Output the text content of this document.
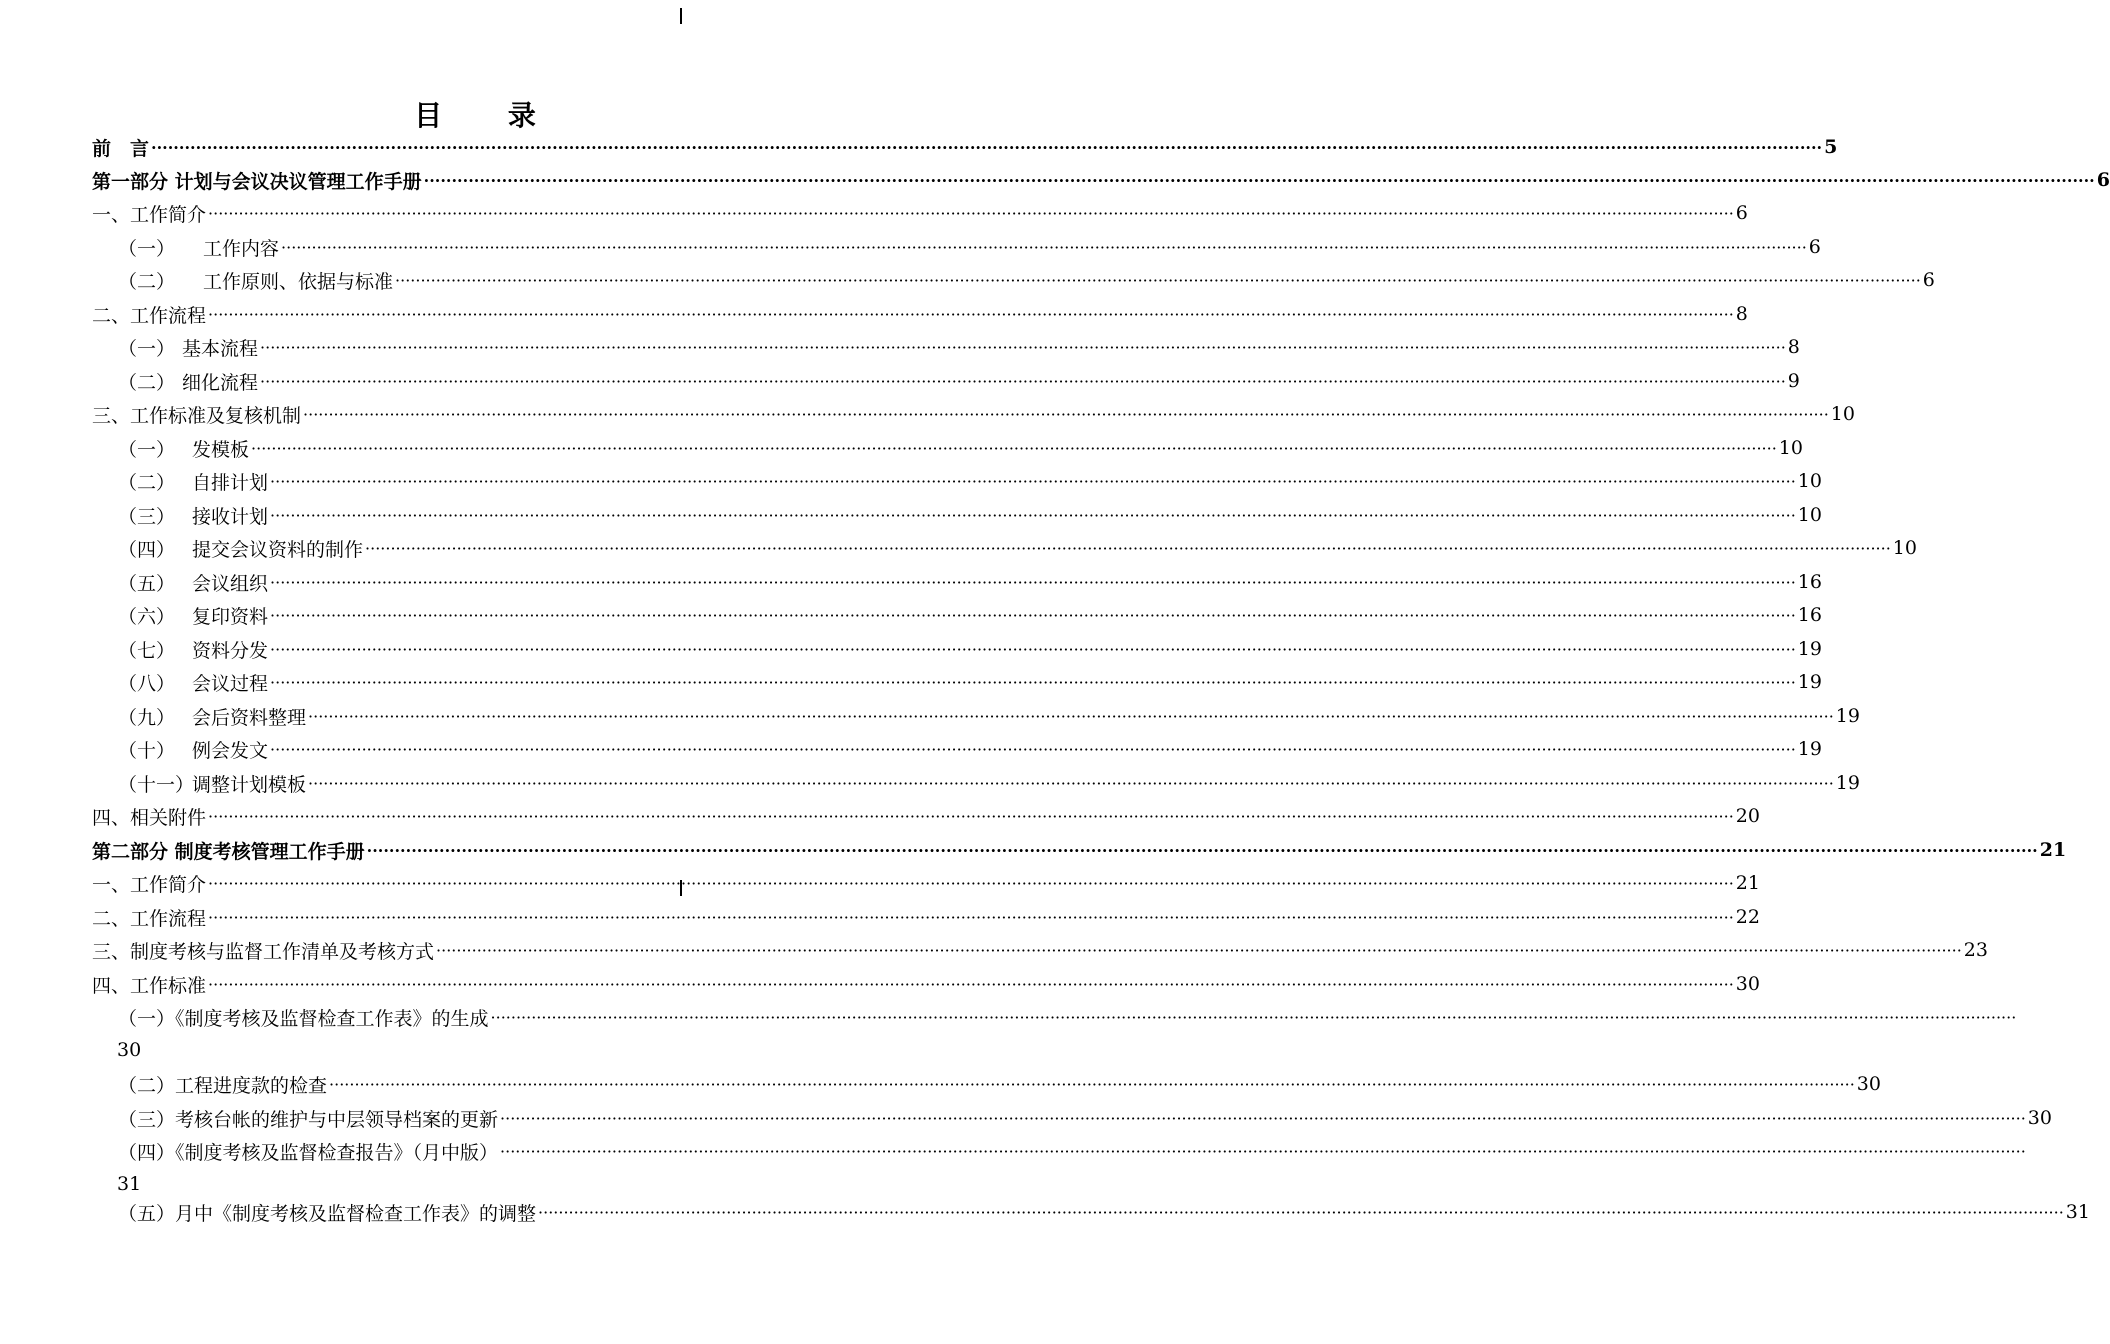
目 录
前　言 ············································································································································································································································································································ 5
第一部分 计划与会议决议管理工作手册 ············································································································································································································································································································ 6
一、工作简介 ············································································································································································································································································································ 6
（一） 工作内容 ············································································································································································································································································································ 6
（二） 工作原则、依据与标准 ············································································································································································································································································································ 6
二、工作流程 ············································································································································································································································································································ 8
（一） 基本流程 ············································································································································································································································································································ 8
（二） 细化流程 ············································································································································································································································································································ 9
三、工作标准及复核机制 ············································································································································································································································································································ 10
（一） 发模板 ············································································································································································································································································································ 10
（二） 自排计划 ············································································································································································································································································································ 10
（三） 接收计划 ············································································································································································································································································································ 10
（四） 提交会议资料的制作 ············································································································································································································································································································ 10
（五） 会议组织 ············································································································································································································································································································ 16
（六） 复印资料 ············································································································································································································································································································ 16
（七） 资料分发 ············································································································································································································································································································ 19
（八） 会议过程 ············································································································································································································································································································ 19
（九） 会后资料整理 ············································································································································································································································································································ 19
（十） 例会发文 ············································································································································································································································································································ 19
（十一）调整计划模板 ············································································································································································································································································································ 19
四、相关附件 ············································································································································································································································································································ 20
第二部分 制度考核管理工作手册 ············································································································································································································································································································ 21
一、工作简介 ············································································································································································································································································································ 21
二、工作流程 ············································································································································································································································································································ 22
三、制度考核与监督工作清单及考核方式 ············································································································································································································································································································ 23
四、工作标准 ············································································································································································································································································································ 30
（一）《制度考核及监督检查工作表》的生成 ············································································································································································································································································································
30
（二）工程进度款的检查 ············································································································································································································································································································ 30
（三）考核台帐的维护与中层领导档案的更新 ············································································································································································································································································································ 30
（四）《制度考核及监督检查报告》（月中版） ············································································································································································································································································································
31
（五）月中《制度考核及监督检查工作表》的调整 ············································································································································································································································································································ 31
